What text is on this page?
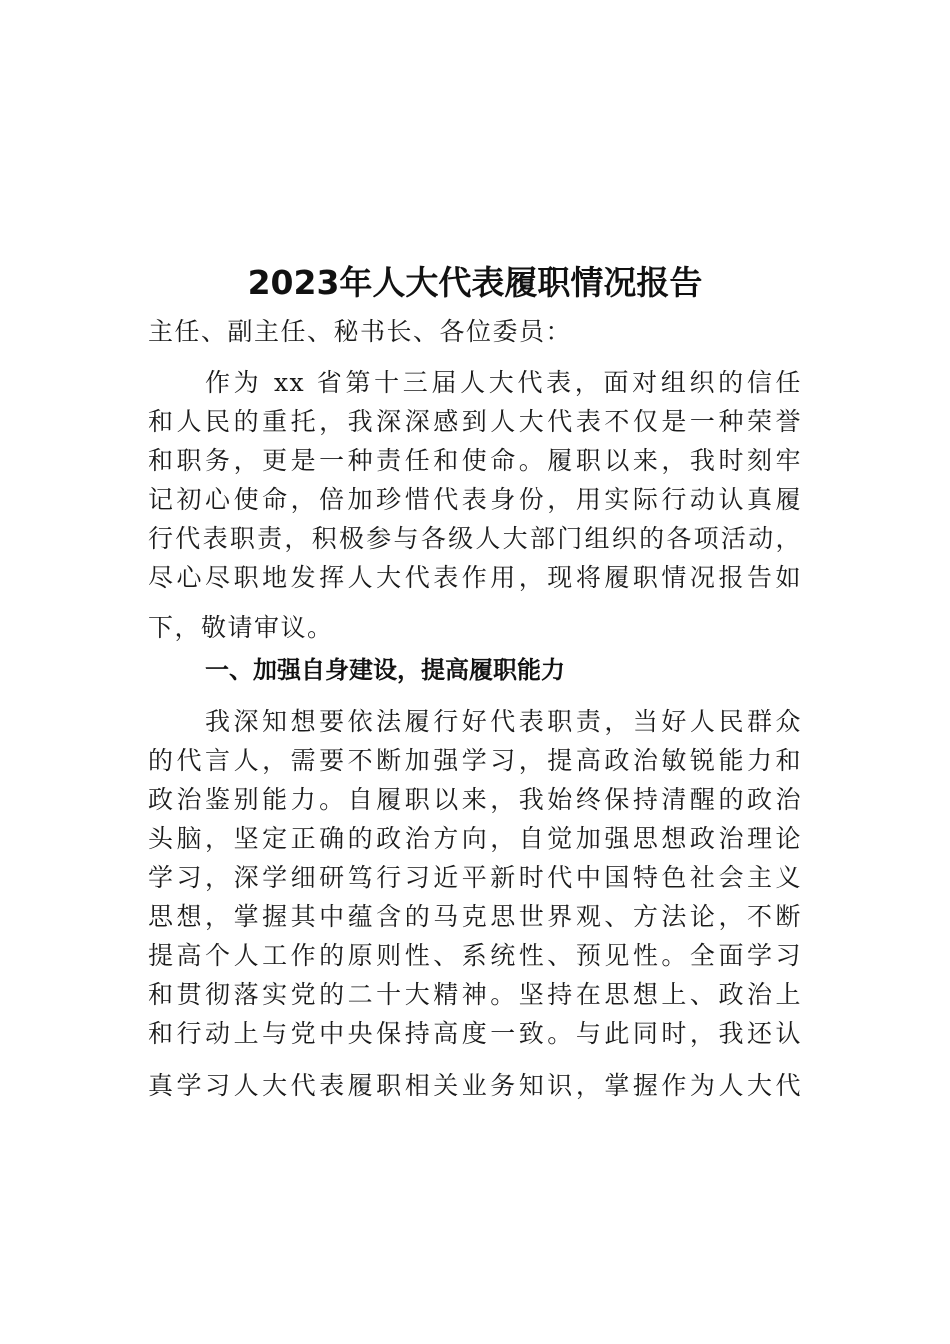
2023年人大代表履职情况报告
主任、副主任、秘书长、各位委员：
作为 xx 省第十三届人大代表，面对组织的信任
和人民的重托，我深深感到人大代表不仅是一种荣誉
和职务，更是一种责任和使命。履职以来，我时刻牢
记初心使命，倍加珍惜代表身份，用实际行动认真履
行代表职责，积极参与各级人大部门组织的各项活动，
尽心尽职地发挥人大代表作用，现将履职情况报告如
下，敬请审议。
一、加强自身建设，提高履职能力
我深知想要依法履行好代表职责，当好人民群众
的代言人，需要不断加强学习，提高政治敏锐能力和
政治鉴别能力。自履职以来，我始终保持清醒的政治
头脑，坚定正确的政治方向，自觉加强思想政治理论
学习，深学细研笃行习近平新时代中国特色社会主义
思想，掌握其中蕴含的马克思世界观、方法论，不断
提高个人工作的原则性、系统性、预见性。全面学习
和贯彻落实党的二十大精神。坚持在思想上、政治上
和行动上与党中央保持高度一致。与此同时，我还认
真学习人大代表履职相关业务知识，掌握作为人大代
